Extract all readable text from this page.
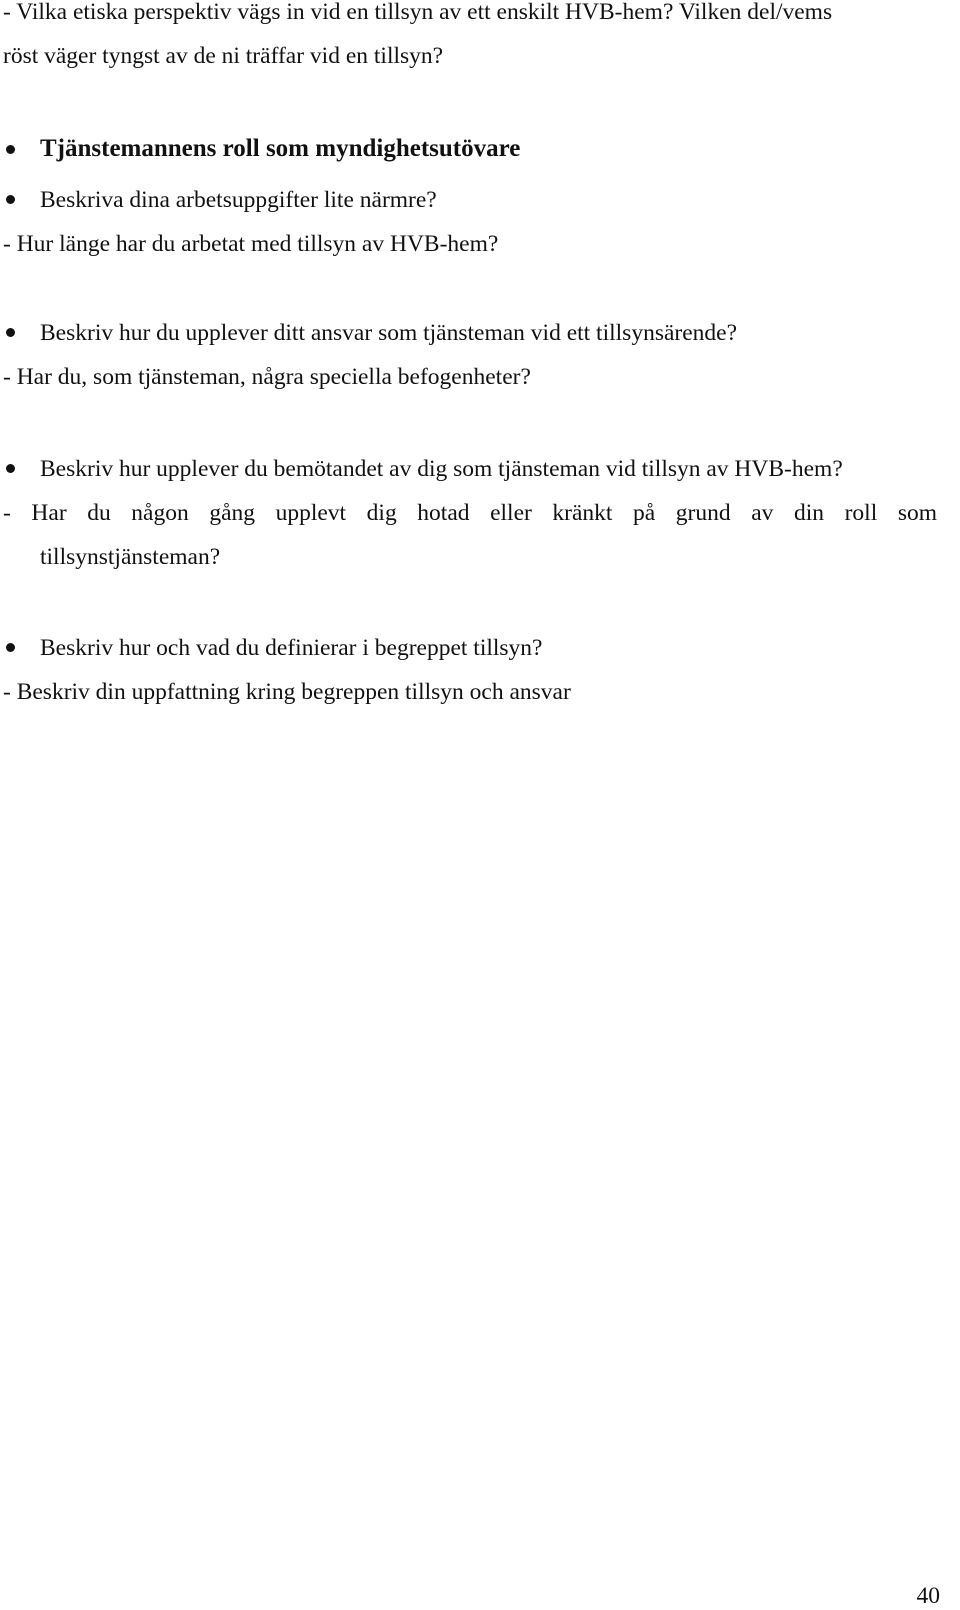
- Vilka etiska perspektiv vägs in vid en tillsyn av ett enskilt HVB-hem? Vilken del/vems
röst väger tyngst av de ni träffar vid en tillsyn?
Tjänstemannens roll som myndighetsutövare
Beskriva dina arbetsuppgifter lite närmre?
- Hur länge har du arbetat med tillsyn av HVB-hem?
Beskriv hur du upplever ditt ansvar som tjänsteman vid ett tillsynsärende?
- Har du, som tjänsteman, några speciella befogenheter?
Beskriv hur upplever du bemötandet av dig som tjänsteman vid tillsyn av HVB-hem?
- Har du någon gång upplevt dig hotad eller kränkt på grund av din roll som
tillsynstjänsteman?
Beskriv hur och vad du definierar i begreppet tillsyn?
- Beskriv din uppfattning kring begreppen tillsyn och ansvar
40
